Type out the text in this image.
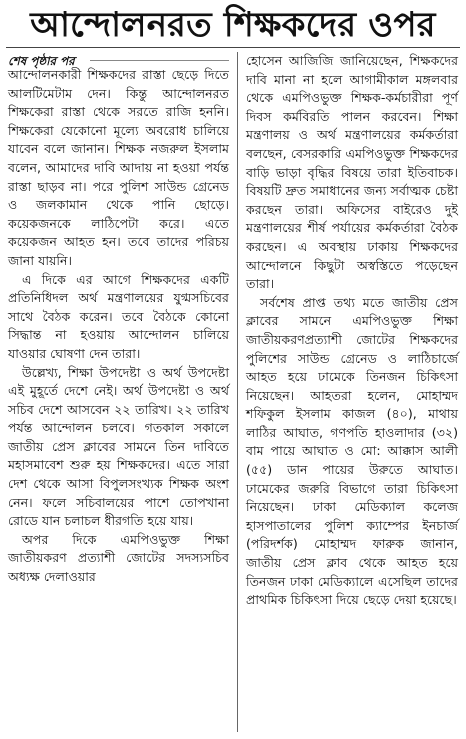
আন্দোলনরত শিক্ষকদের ওপর
শেষ পৃষ্ঠার পর

আন্দোলনকারী শিক্ষকদের রাস্তা ছেড়ে দিতে আলটিমেটাম দেন। কিন্তু আন্দোলনরত শিক্ষকেরা রাস্তা থেকে সরতে রাজি হননি। শিক্ষকেরা যেকোনো মূল্যে অবরোধ চালিয়ে যাবেন বলে জানান। শিক্ষক নজরুল ইসলাম বলেন, আমাদের দাবি আদায় না হওয়া পর্যন্ত রাস্তা ছাড়ব না। পরে পুলিশ সাউন্ড গ্রেনেড ও জলকামান থেকে পানি ছোড়ে। কয়েকজনকে লাঠিপেটা করে। এতে কয়েকজন আহত হন। তবে তাদের পরিচয় জানা যায়নি।

এ দিকে এর আগে শিক্ষকদের একটি প্রতিনিধিদল অর্থ মন্ত্রণালয়ের যুগ্মসচিবের সাথে বৈঠক করেন। তবে বৈঠকে কোনো সিদ্ধান্ত না হওয়ায় আন্দোলন চালিয়ে যাওয়ার ঘোষণা দেন তারা।

উল্লেখ্য, শিক্ষা উপদেষ্টা ও অর্থ উপদেষ্টা এই মুহূর্তে দেশে নেই। অর্থ উপদেষ্টা ও অর্থ সচিব দেশে আসবেন ২২ তারিখ। ২২ তারিখ পর্যন্ত আন্দোলন চলবে। গতকাল সকালে জাতীয় প্রেস ক্লাবের সামনে তিন দাবিতে মহাসমাবেশ শুরু হয় শিক্ষকদের। এতে সারা দেশ থেকে আসা বিপুলসংখ্যক শিক্ষক অংশ নেন। ফলে সচিবালয়ের পাশে তোপখানা রোডে যান চলাচল ধীরগতি হয়ে যায়।

অপর দিকে এমপিওভুক্ত শিক্ষা জাতীয়করণ প্রত্যাশী জোটের সদস্যসচিব অধ্যক্ষ দেলাওয়ার

হোসেন আজিজি জানিয়েছেন, শিক্ষকদের দাবি মানা না হলে আগামীকাল মঙ্গলবার থেকে এমপিওভুক্ত শিক্ষক-কর্মচারীরা পূর্ণ দিবস কর্মবিরতি পালন করবেন। শিক্ষা মন্ত্রণালয় ও অর্থ মন্ত্রণালয়ের কর্মকর্তারা বলছেন, বেসরকারি এমপিওভুক্ত শিক্ষকদের বাড়ি ভাড়া বৃদ্ধির বিষয়ে তারা ইতিবাচক। বিষয়টি দ্রুত সমাধানের জন্য সর্বাত্মক চেষ্টা করছেন তারা। অফিসের বাইরেও দুই মন্ত্রণালয়ের শীর্ষ পর্যায়ের কর্মকর্তারা বৈঠক করছেন। এ অবস্থায় ঢাকায় শিক্ষকদের আন্দোলনে কিছুটা অস্বস্তিতে পড়েছেন তারা।

সর্বশেষ প্রাপ্ত তথ্য মতে জাতীয় প্রেস ক্লাবের সামনে এমপিওভুক্ত শিক্ষা জাতীয়করণপ্রত্যাশী জোটের শিক্ষকদের পুলিশের সাউন্ড গ্রেনেড ও লাঠিচার্জে আহত হয়ে ঢামেকে তিনজন চিকিৎসা নিয়েছেন। আহতরা হলেন, মোহাম্মদ শফিকুল ইসলাম কাজল (৪০), মাথায় লাঠির আঘাত, গণপতি হাওলাদার (৩২) বাম পায়ে আঘাত ও মো: আক্কাস আলী (৫৫) ডান পায়ের উরুতে আঘাত। ঢামেকের জরুরি বিভাগে তারা চিকিৎসা নিয়েছেন। ঢাকা মেডিক্যাল কলেজ হাসপাতালের পুলিশ ক্যাম্পের ইনচার্জ (পরিদর্শক) মোহাম্মদ ফারুক জানান, জাতীয় প্রেস ক্লাব থেকে আহত হয়ে তিনজন ঢাকা মেডিক্যালে এসেছিল তাদের প্রাথমিক চিকিৎসা দিয়ে ছেড়ে দেয়া হয়েছে।
